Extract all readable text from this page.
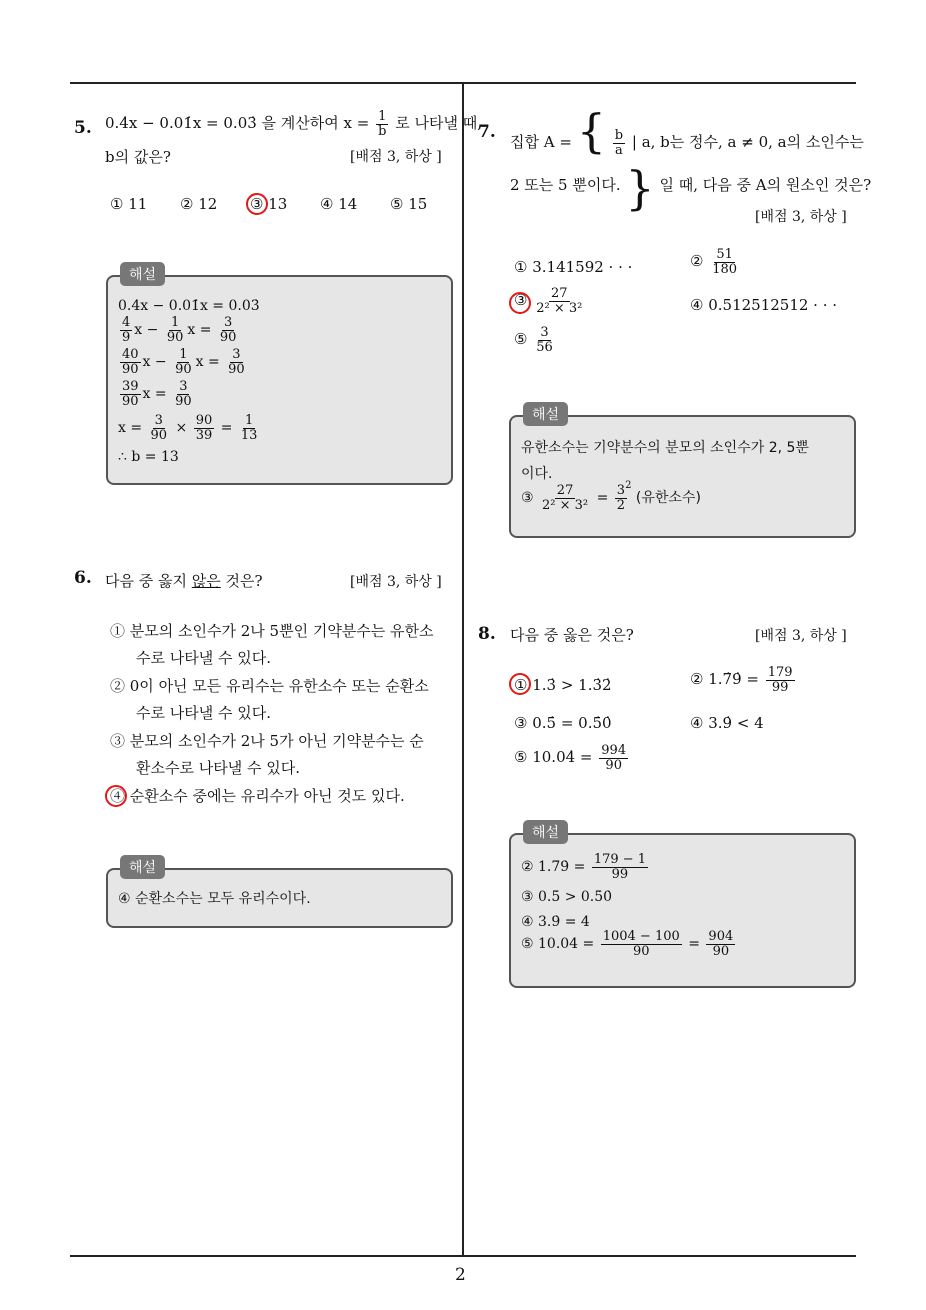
2
5. 0.4̇x − 0.01̇x = 0.03̇ 을 계산하여 $x = \frac{1}{b}$ 로 나타낼 때,
b의 값은?	[배점 3, 하상 ]
① 11 ② 12 ③ 13 ④ 14 ⑤ 15
해설
0.4̇x − 0.01̇x = 0.03̇
$\frac{4}{9}$ $x - \frac{1}{90}$ $x = \frac{3}{90}$
$\frac{40}{90}$ $x - \frac{1}{90}$ $x = \frac{3}{90}$
$\frac{39}{90}$ $x = \frac{3}{90}$
$x = \frac{3}{90} \times \frac{90}{39} = \frac{1}{13}$
∴ b = 13
6. 다음 중 옳지 않은 것은?	[배점 3, 하상 ]
① 분모의 소인수가 2나 5뿐인 기약분수는 유한소
수로 나타낼 수 있다.
② 0이 아닌 모든 유리수는 유한소수 또는 순환소
수로 나타낼 수 있다.
③ 분모의 소인수가 2나 5가 아닌 기약분수는 순
환소수로 나타낼 수 있다.
④ 순환소수 중에는 유리수가 아닌 것도 있다.
해설
④ 순환소수는 모두 유리수이다.
7. 집합 A = { $\frac{b}{a}$ | a, b는 정수, a ≠ 0, a의 소인수는
2 또는 5 뿐이다. } 일 때, 다음 중 A의 원소인 것은?
[배점 3, 하상 ]
① 3.141592 · · ·	② $\frac{51}{180}$
③ $\frac{27}{\text{2² × 3²}}$	④ 0.512512512 · · ·
⑤ $\frac{3}{56}$
해설
유한소수는 기약분수의 분모의 소인수가 2, 5뿐
이다.
③ $\frac{27}{\text{2² × 3²}} = \frac{3}{2}$
$^2$ (유한소수)
8. 다음 중 옳은 것은?	[배점 3, 하상 ]
① 1.3̇ > 1.3̇2̇	② 1.7̇9̇ = $\frac{179}{99}$
③ 0.5̇ = 0.5̇0̇	④ 3.9̇ < 4
⑤ 10.04̇ = $\frac{994}{90}$
해설
② 1.7̇9̇ = $\frac{179 - 1}{99}$
③ 0.5̇ > 0.5̇0̇
④ 3.9̇ = 4
⑤ 10.04̇ = $\frac{1004 - 100}{90} = \frac{904}{90}$
